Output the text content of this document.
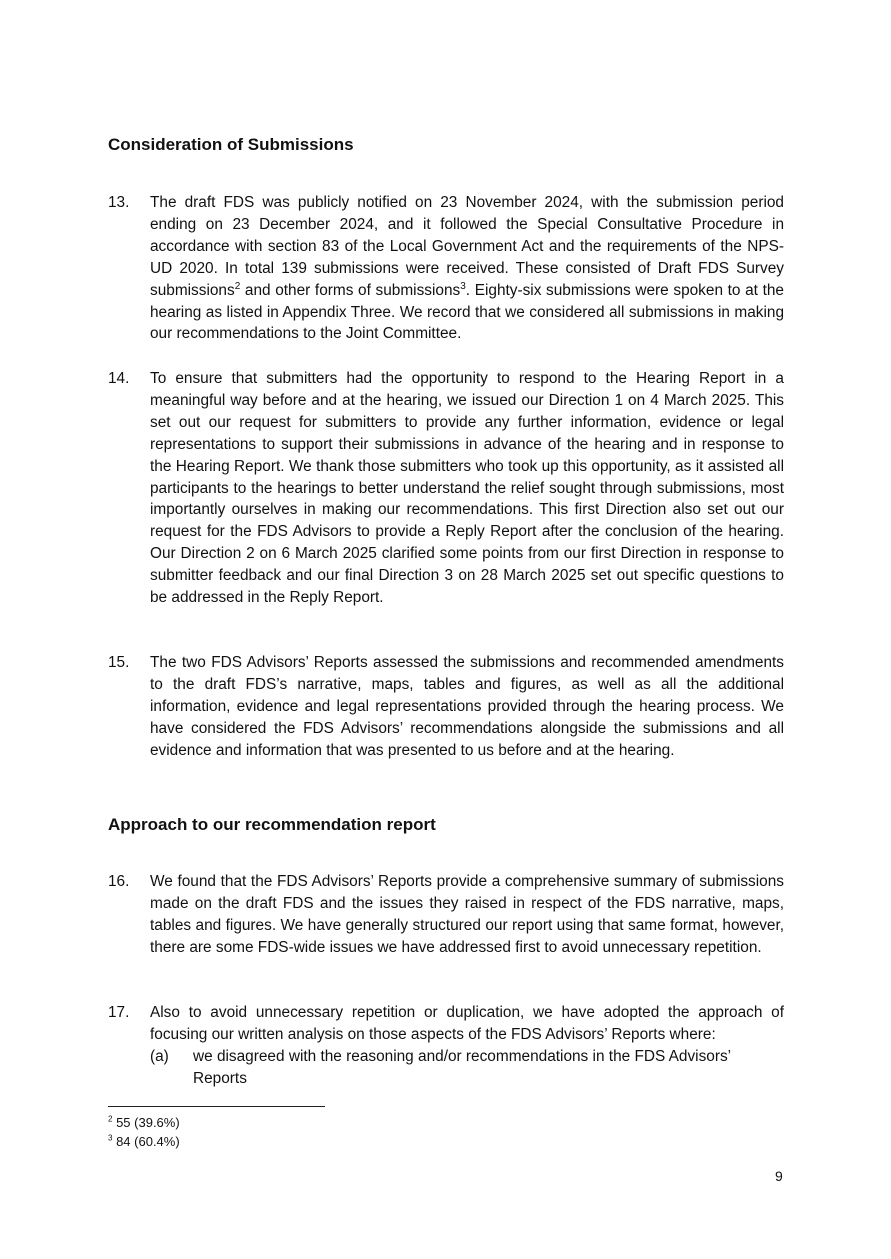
Consideration of Submissions
13. The draft FDS was publicly notified on 23 November 2024, with the submission period ending on 23 December 2024, and it followed the Special Consultative Procedure in accordance with section 83 of the Local Government Act and the requirements of the NPS-UD 2020. In total 139 submissions were received. These consisted of Draft FDS Survey submissions$^2$ and other forms of submissions$^3$. Eighty-six submissions were spoken to at the hearing as listed in Appendix Three. We record that we considered all submissions in making our recommendations to the Joint Committee.
14. To ensure that submitters had the opportunity to respond to the Hearing Report in a meaningful way before and at the hearing, we issued our Direction 1 on 4 March 2025. This set out our request for submitters to provide any further information, evidence or legal representations to support their submissions in advance of the hearing and in response to the Hearing Report. We thank those submitters who took up this opportunity, as it assisted all participants to the hearings to better understand the relief sought through submissions, most importantly ourselves in making our recommendations. This first Direction also set out our request for the FDS Advisors to provide a Reply Report after the conclusion of the hearing. Our Direction 2 on 6 March 2025 clarified some points from our first Direction in response to submitter feedback and our final Direction 3 on 28 March 2025 set out specific questions to be addressed in the Reply Report.
15. The two FDS Advisors’ Reports assessed the submissions and recommended amendments to the draft FDS’s narrative, maps, tables and figures, as well as all the additional information, evidence and legal representations provided through the hearing process. We have considered the FDS Advisors’ recommendations alongside the submissions and all evidence and information that was presented to us before and at the hearing.
Approach to our recommendation report
16. We found that the FDS Advisors’ Reports provide a comprehensive summary of submissions made on the draft FDS and the issues they raised in respect of the FDS narrative, maps, tables and figures. We have generally structured our report using that same format, however, there are some FDS-wide issues we have addressed first to avoid unnecessary repetition.
17. Also to avoid unnecessary repetition or duplication, we have adopted the approach of focusing our written analysis on those aspects of the FDS Advisors’ Reports where:
(a) we disagreed with the reasoning and/or recommendations in the FDS Advisors’ Reports
$^2$ 55 (39.6%)
$^3$ 84 (60.4%)
9
